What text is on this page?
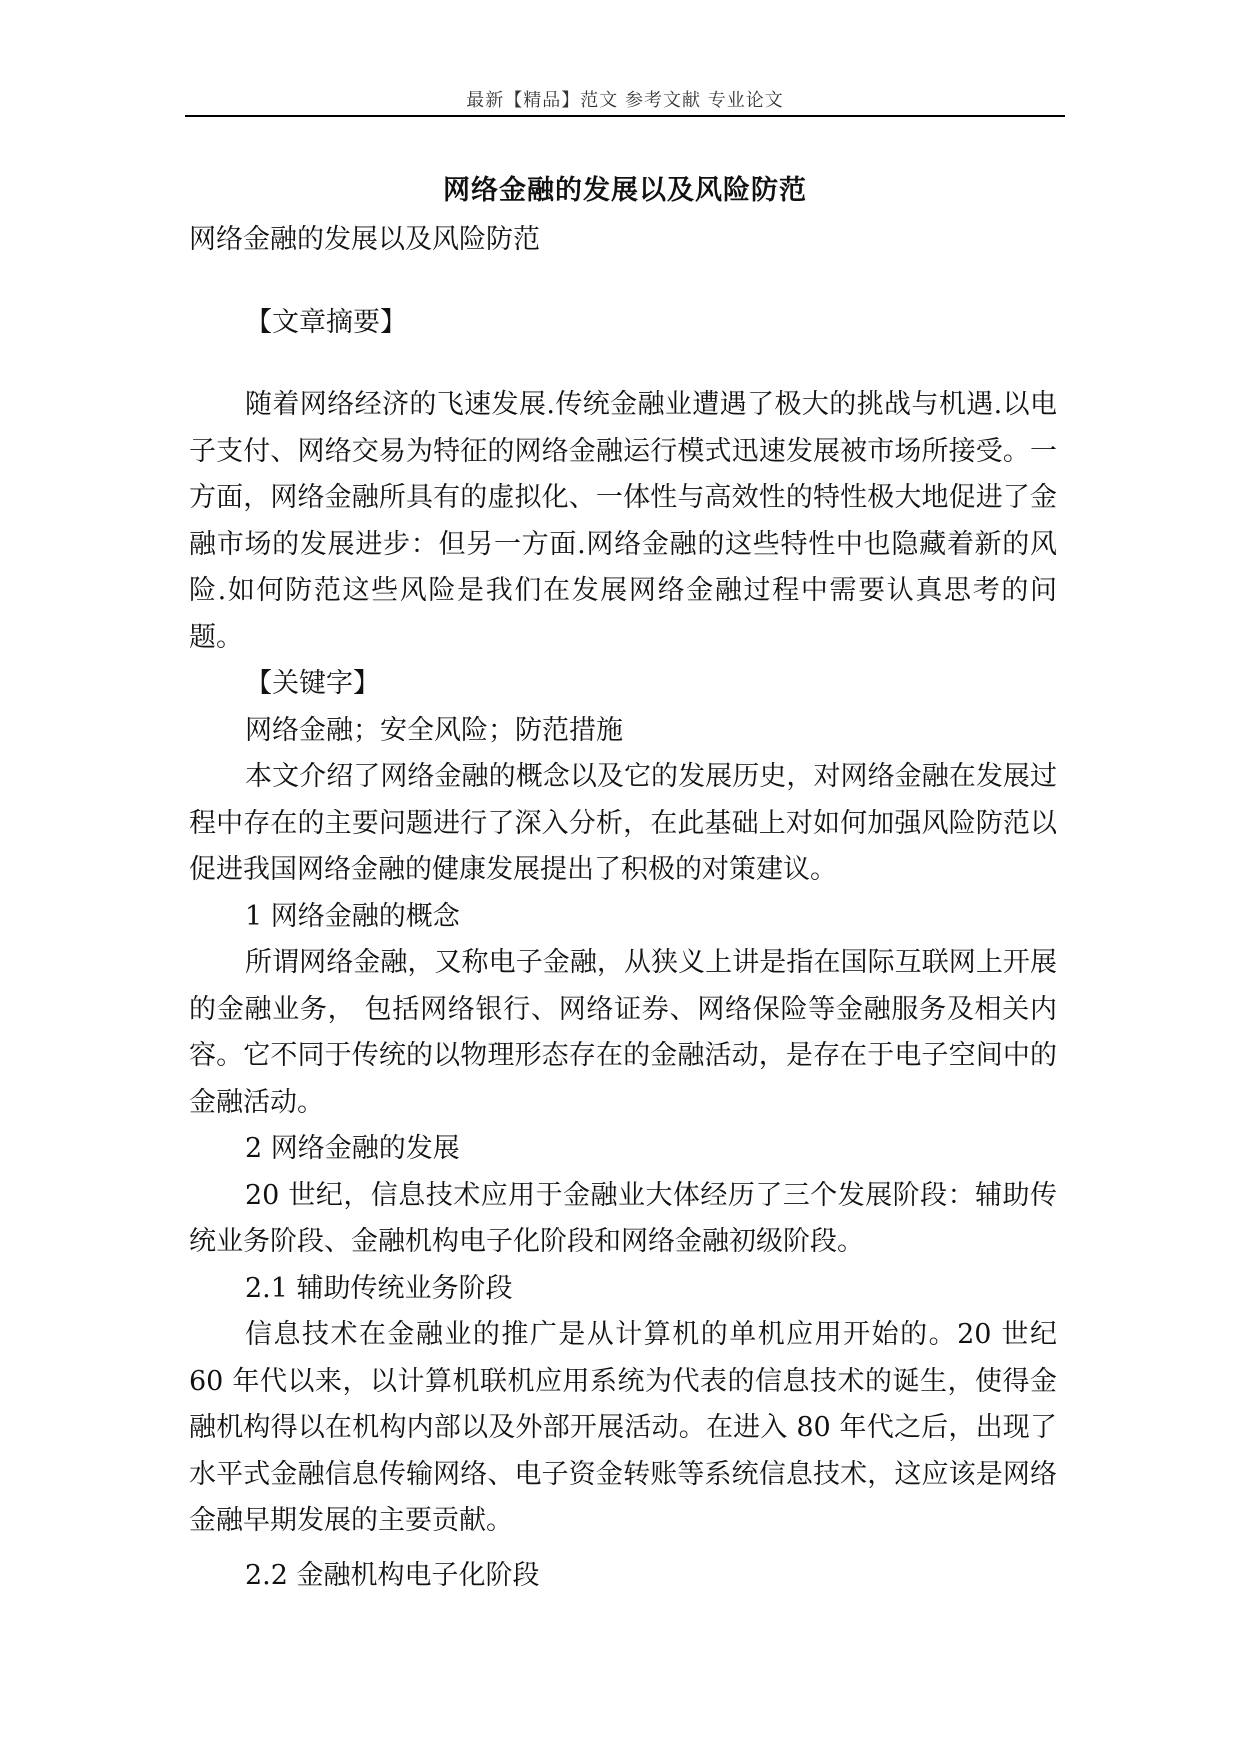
最新【精品】范文 参考文献 专业论文
网络金融的发展以及风险防范

网络金融的发展以及风险防范

【文章摘要】

随着网络经济的飞速发展.传统金融业遭遇了极大的挑战与机遇.以电子支付、网络交易为特征的网络金融运行模式迅速发展被市场所接受。一方面，网络金融所具有的虚拟化、一体性与高效性的特性极大地促进了金融市场的发展进步：但另一方面.网络金融的这些特性中也隐藏着新的风险.如何防范这些风险是我们在发展网络金融过程中需要认真思考的问题。

【关键字】

网络金融；安全风险；防范措施

本文介绍了网络金融的概念以及它的发展历史，对网络金融在发展过程中存在的主要问题进行了深入分析，在此基础上对如何加强风险防范以促进我国网络金融的健康发展提出了积极的对策建议。

1 网络金融的概念

所谓网络金融，又称电子金融，从狭义上讲是指在国际互联网上开展的金融业务， 包括网络银行、网络证券、网络保险等金融服务及相关内容。它不同于传统的以物理形态存在的金融活动，是存在于电子空间中的金融活动。

2 网络金融的发展

20 世纪，信息技术应用于金融业大体经历了三个发展阶段：辅助传统业务阶段、金融机构电子化阶段和网络金融初级阶段。

2.1 辅助传统业务阶段

信息技术在金融业的推广是从计算机的单机应用开始的。20 世纪 60 年代以来，以计算机联机应用系统为代表的信息技术的诞生，使得金融机构得以在机构内部以及外部开展活动。在进入 80 年代之后，出现了水平式金融信息传输网络、电子资金转账等系统信息技术，这应该是网络金融早期发展的主要贡献。

2.2 金融机构电子化阶段
